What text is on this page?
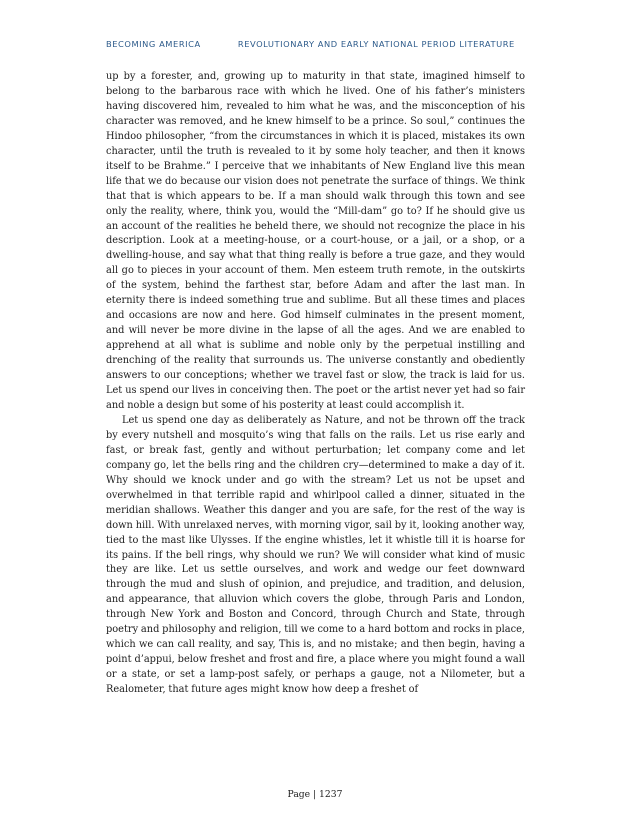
BECOMING AMERICA	REVOLUTIONARY AND EARLY NATIONAL PERIOD LITERATURE

up by a forester, and, growing up to maturity in that state, imagined himself to belong to the barbarous race with which he lived. One of his father’s ministers having discovered him, revealed to him what he was, and the misconception of his character was removed, and he knew himself to be a prince. So soul,” continues the Hindoo philosopher, “from the circumstances in which it is placed, mistakes its own character, until the truth is revealed to it by some holy teacher, and then it knows itself to be Brahme.” I perceive that we inhabitants of New England live this mean life that we do because our vision does not penetrate the surface of things. We think that that is which appears to be. If a man should walk through this town and see only the reality, where, think you, would the “Mill-dam” go to? If he should give us an account of the realities he beheld there, we should not recognize the place in his description. Look at a meeting-house, or a court-house, or a jail, or a shop, or a dwelling-house, and say what that thing really is before a true gaze, and they would all go to pieces in your account of them. Men esteem truth remote, in the outskirts of the system, behind the farthest star, before Adam and after the last man. In eternity there is indeed something true and sublime. But all these times and places and occasions are now and here. God himself culminates in the present moment, and will never be more divine in the lapse of all the ages. And we are enabled to apprehend at all what is sublime and noble only by the perpetual instilling and drenching of the reality that surrounds us. The universe constantly and obediently answers to our conceptions; whether we travel fast or slow, the track is laid for us. Let us spend our lives in conceiving then. The poet or the artist never yet had so fair and noble a design but some of his posterity at least could accomplish it.

Let us spend one day as deliberately as Nature, and not be thrown off the track by every nutshell and mosquito’s wing that falls on the rails. Let us rise early and fast, or break fast, gently and without perturbation; let company come and let company go, let the bells ring and the children cry—determined to make a day of it. Why should we knock under and go with the stream? Let us not be upset and overwhelmed in that terrible rapid and whirlpool called a dinner, situated in the meridian shallows. Weather this danger and you are safe, for the rest of the way is down hill. With unrelaxed nerves, with morning vigor, sail by it, looking another way, tied to the mast like Ulysses. If the engine whistles, let it whistle till it is hoarse for its pains. If the bell rings, why should we run? We will consider what kind of music they are like. Let us settle ourselves, and work and wedge our feet downward through the mud and slush of opinion, and prejudice, and tradition, and delusion, and appearance, that alluvion which covers the globe, through Paris and London, through New York and Boston and Concord, through Church and State, through poetry and philosophy and religion, till we come to a hard bottom and rocks in place, which we can call reality, and say, This is, and no mistake; and then begin, having a point d’appui, below freshet and frost and fire, a place where you might found a wall or a state, or set a lamp-post safely, or perhaps a gauge, not a Nilometer, but a Realometer, that future ages might know how deep a freshet of

Page | 1237
